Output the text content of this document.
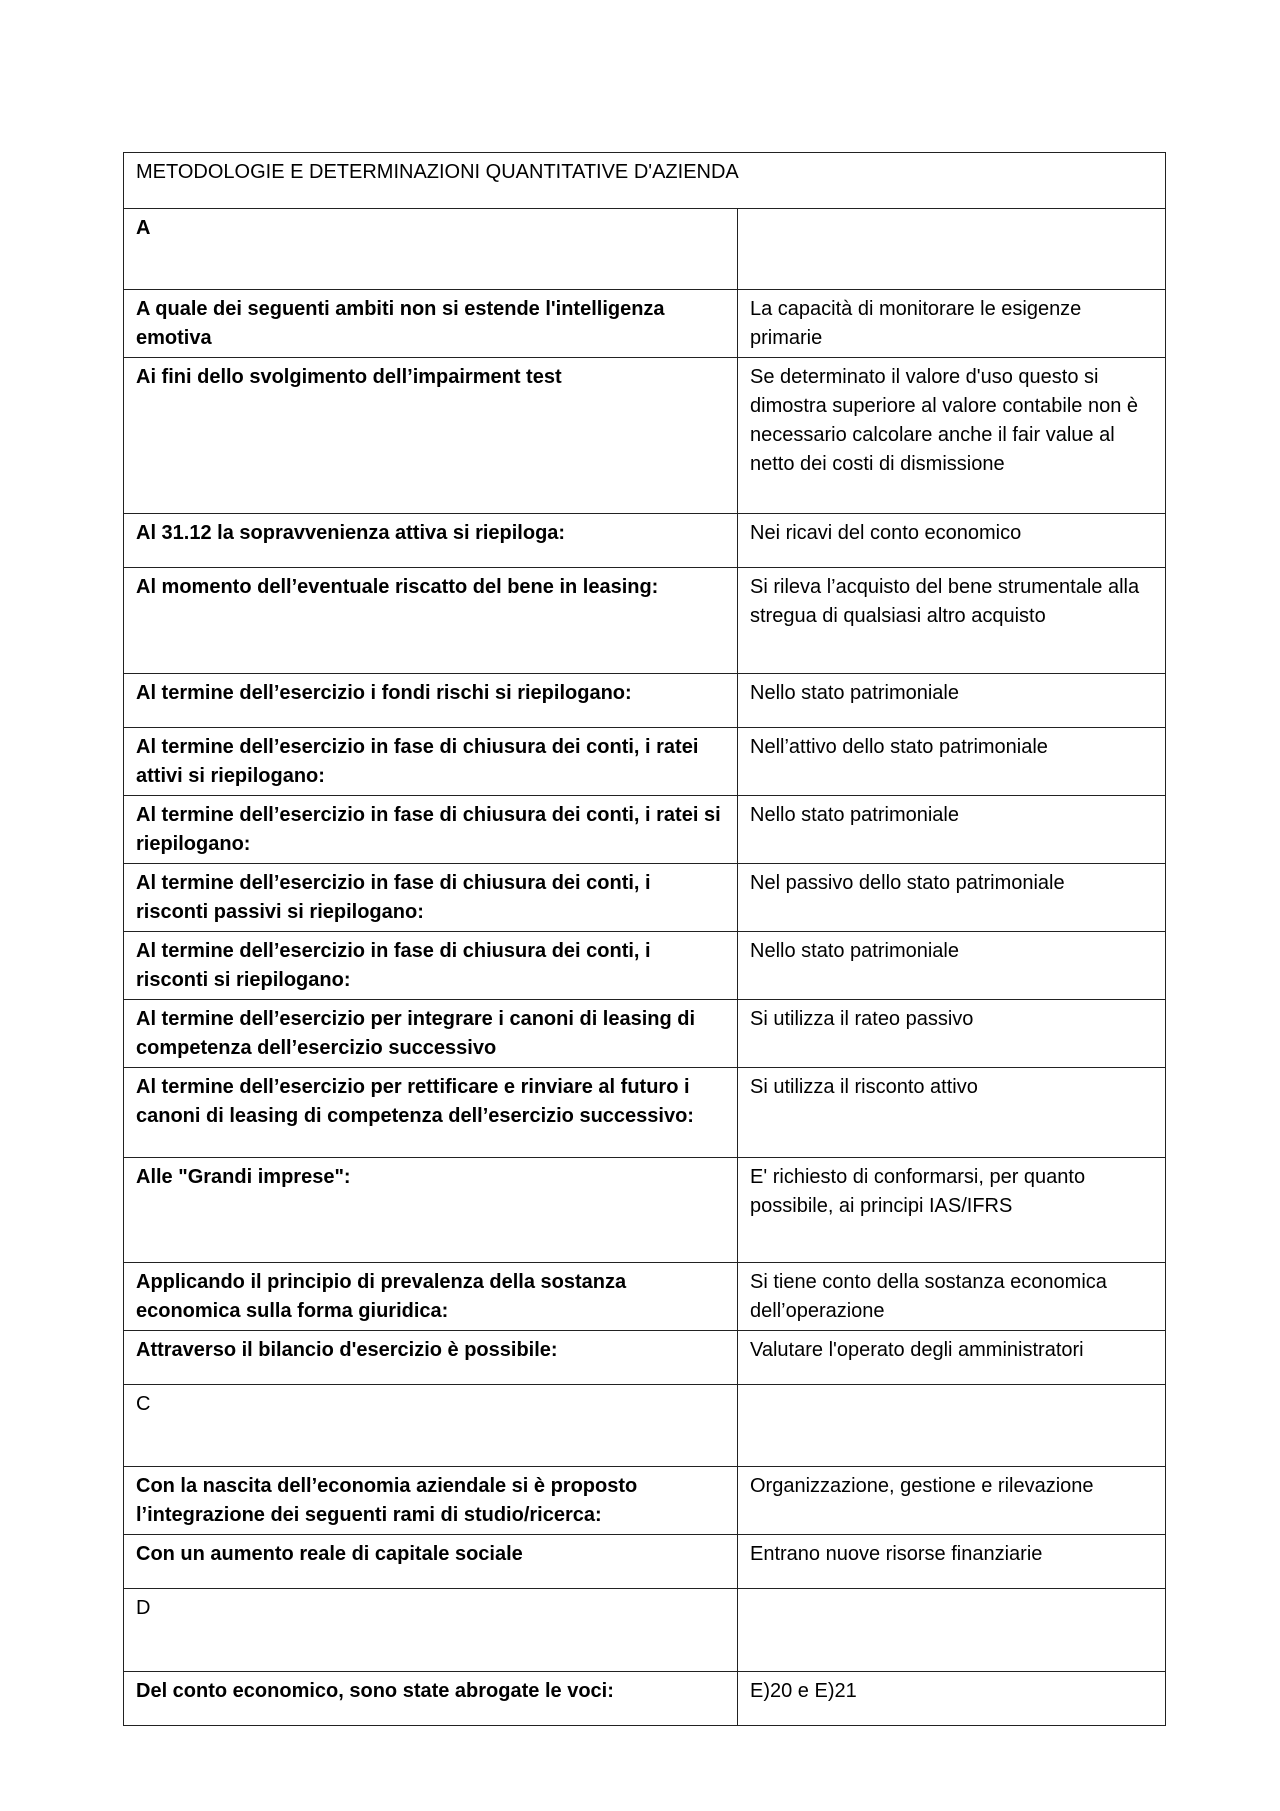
METODOLOGIE E DETERMINAZIONI QUANTITATIVE D'AZIENDA	
A	
A quale dei seguenti ambiti non si estende l'intelligenza emotiva	La capacità di monitorare le esigenze primarie
Ai fini dello svolgimento dell’impairment test	Se determinato il valore d'uso questo si dimostra superiore al valore contabile non è necessario calcolare anche il fair value al netto dei costi di dismissione
Al 31.12 la sopravvenienza attiva si riepiloga:	Nei ricavi del conto economico
Al momento dell’eventuale riscatto del bene in leasing:	Si rileva l’acquisto del bene strumentale alla stregua di qualsiasi altro acquisto
Al termine dell’esercizio i fondi rischi si riepilogano:	Nello stato patrimoniale
Al termine dell’esercizio in fase di chiusura dei conti, i ratei attivi si riepilogano:	Nell’attivo dello stato patrimoniale
Al termine dell’esercizio in fase di chiusura dei conti, i ratei si riepilogano:	Nello stato patrimoniale
Al termine dell’esercizio in fase di chiusura dei conti, i risconti passivi si riepilogano:	Nel passivo dello stato patrimoniale
Al termine dell’esercizio in fase di chiusura dei conti, i risconti si riepilogano:	Nello stato patrimoniale
Al termine dell’esercizio per integrare i canoni di leasing di competenza dell’esercizio successivo	Si utilizza il rateo passivo
Al termine dell’esercizio per rettificare e rinviare al futuro i canoni di leasing di competenza dell’esercizio successivo:	Si utilizza il risconto attivo
Alle "Grandi imprese":	E' richiesto di conformarsi, per quanto possibile, ai principi IAS/IFRS
Applicando il principio di prevalenza della sostanza economica sulla forma giuridica:	Si tiene conto della sostanza economica dell’operazione
Attraverso il bilancio d'esercizio è possibile:	Valutare l'operato degli amministratori
C	
Con la nascita dell’economia aziendale si è proposto l’integrazione dei seguenti rami di studio/ricerca:	Organizzazione, gestione e rilevazione
Con un aumento reale di capitale sociale	Entrano nuove risorse finanziarie
D	
Del conto economico, sono state abrogate le voci:	E)20 e E)21
